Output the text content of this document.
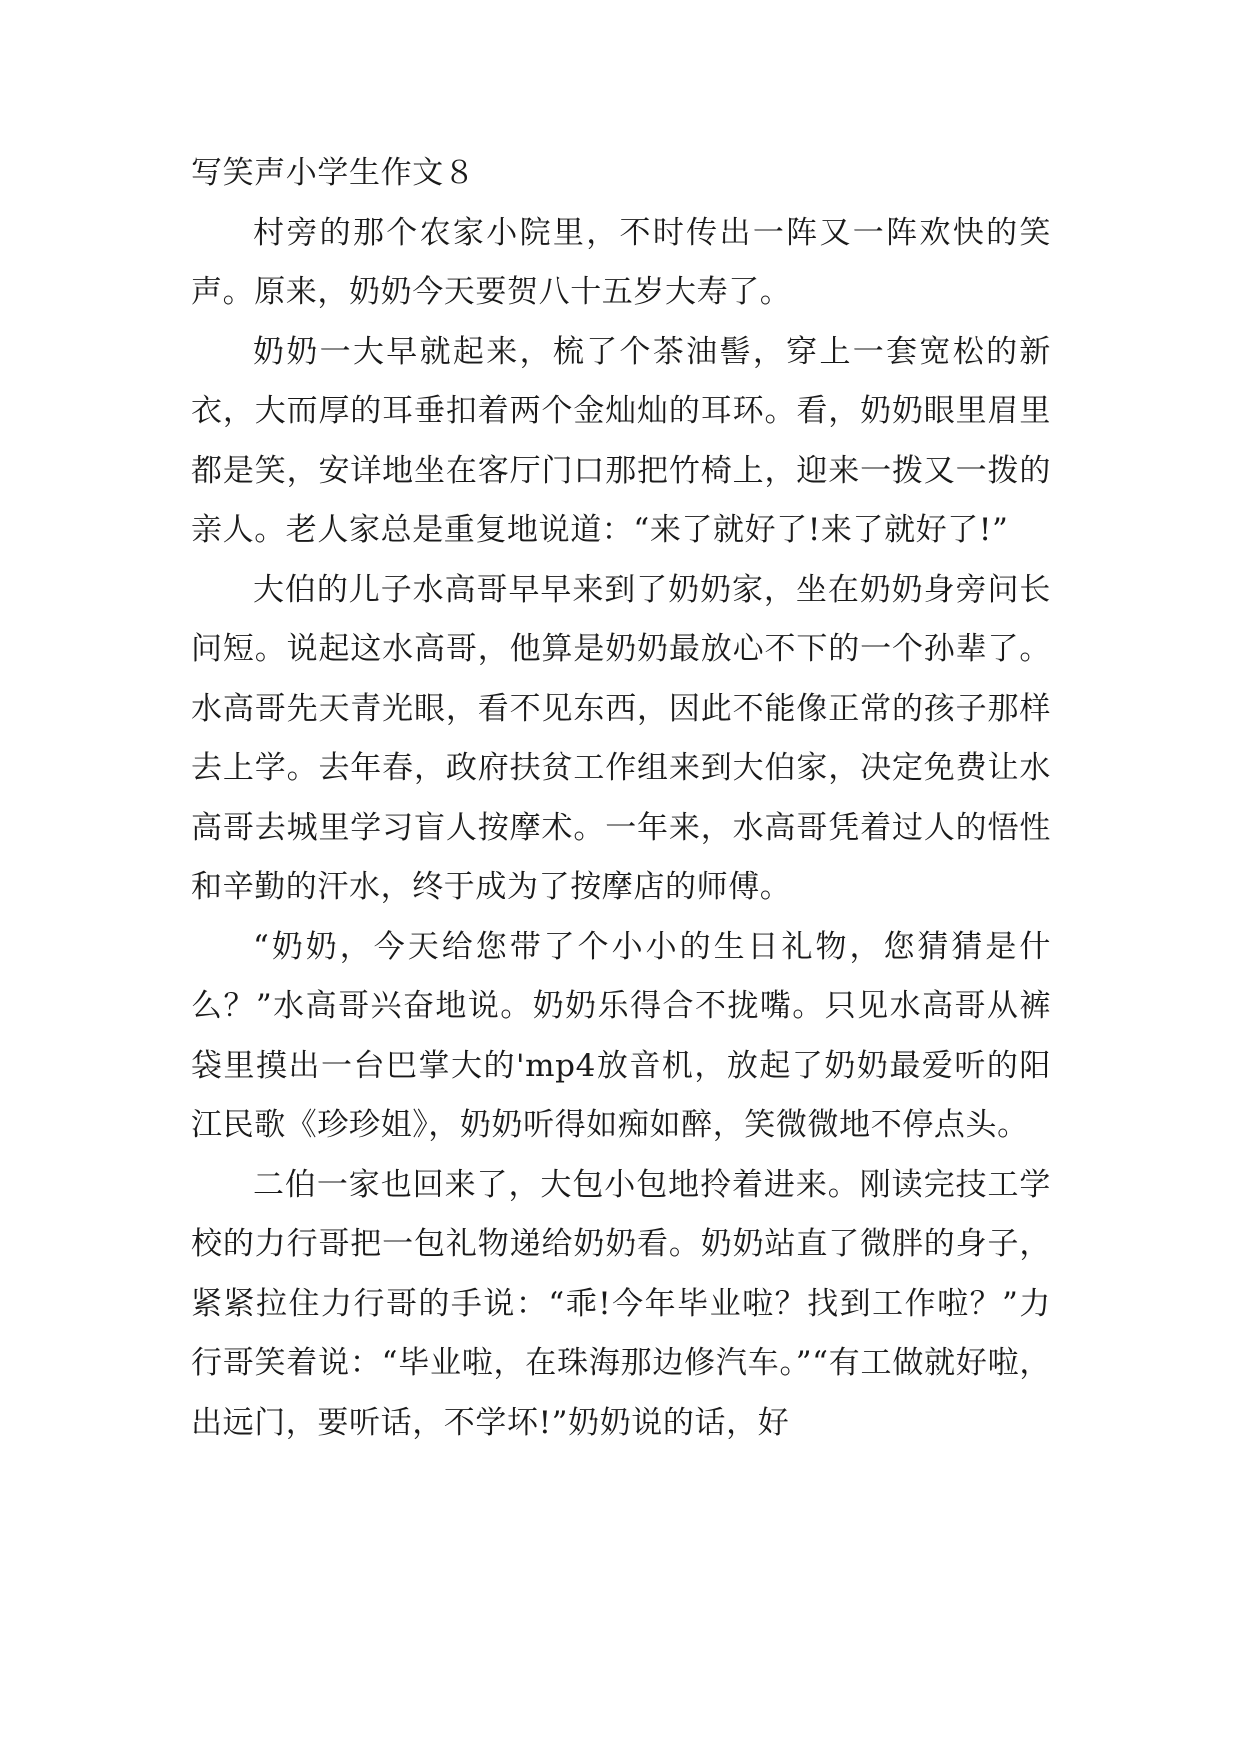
写笑声小学生作文８

村旁的那个农家小院里，不时传出一阵又一阵欢快的笑声。原来，奶奶今天要贺八十五岁大寿了。

奶奶一大早就起来，梳了个茶油髻，穿上一套宽松的新衣，大而厚的耳垂扣着两个金灿灿的耳环。看，奶奶眼里眉里都是笑，安详地坐在客厅门口那把竹椅上，迎来一拨又一拨的亲人。老人家总是重复地说道：“来了就好了!来了就好了!”

大伯的儿子水高哥早早来到了奶奶家，坐在奶奶身旁问长问短。说起这水高哥，他算是奶奶最放心不下的一个孙辈了。水高哥先天青光眼，看不见东西，因此不能像正常的孩子那样去上学。去年春，政府扶贫工作组来到大伯家，决定免费让水高哥去城里学习盲人按摩术。一年来，水高哥凭着过人的悟性和辛勤的汗水，终于成为了按摩店的师傅。

“奶奶，今天给您带了个小小的生日礼物，您猜猜是什么？”水高哥兴奋地说。奶奶乐得合不拢嘴。只见水高哥从裤袋里摸出一台巴掌大的'mp4放音机，放起了奶奶最爱听的阳江民歌《珍珍姐》，奶奶听得如痴如醉，笑微微地不停点头。

二伯一家也回来了，大包小包地拎着进来。刚读完技工学校的力行哥把一包礼物递给奶奶看。奶奶站直了微胖的身子，紧紧拉住力行哥的手说：“乖!今年毕业啦？找到工作啦？”力行哥笑着说：“毕业啦，在珠海那边修汽车。”“有工做就好啦，出远门，要听话，不学坏!”奶奶说的话，好
